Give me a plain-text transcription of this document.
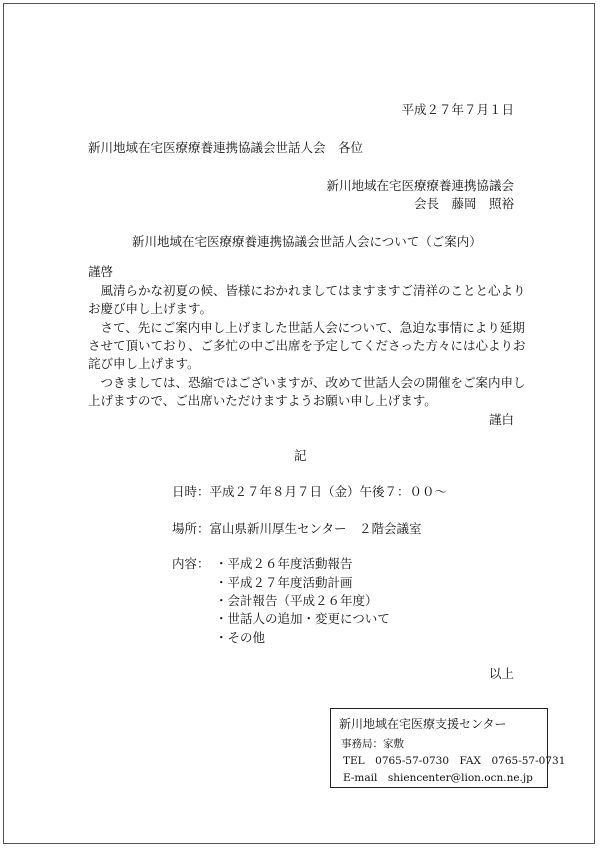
平成２７年７月１日
新川地域在宅医療療養連携協議会世話人会　各位
新川地域在宅医療療養連携協議会
会長　藤岡　照裕
新川地域在宅医療療養連携協議会世話人会について（ご案内）
謹啓
　風清らかな初夏の候、皆様におかれましてはますますご清祥のことと心より
お慶び申し上げます。
　さて、先にご案内申し上げました世話人会について、急迫な事情により延期
させて頂いており、ご多忙の中ご出席を予定してくださった方々には心よりお
詫び申し上げます。
　つきましては、恐縮ではございますが、改めて世話人会の開催をご案内申し
上げますので、ご出席いただけますようお願い申し上げます。
謹白
記
日時：平成２７年８月７日（金）午後７：００～
場所：富山県新川厚生センター　２階会議室
内容： ・平成２６年度活動報告
・平成２７年度活動計画
・会計報告（平成２６年度）
・世話人の追加・変更について
・その他
以上
新川地域在宅医療支援センター
事務局：家敷
TEL　0765-57-0730　FAX　0765-57-0731
E-mail　shiencenter@lion.ocn.ne.jp
